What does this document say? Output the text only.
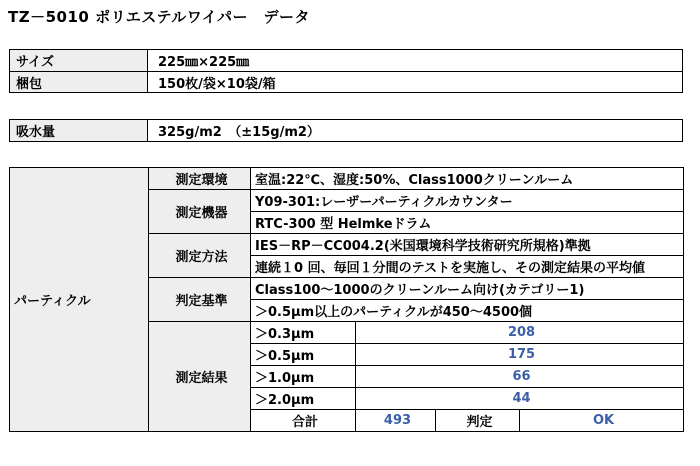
TZ－5010 ポリエステルワイパー　データ
サイズ	225㎜×225㎜
梱包	150枚/袋×10袋/箱
吸水量	325g/m2　（±15g/m2）
パーティクル	測定環境	室温:22℃、湿度:50%、Class1000クリーンルーム			
	測定機器	Y09-301:レーザーパーティクルカウンター			
		RTC-300 型 Helmkeドラム			
	測定方法	IES－RP－CC004.2(米国環境科学技術研究所規格)準拠			
		連続１0 回、毎回１分間のテストを実施し、その測定結果の平均値			
	判定基準	Class100～1000のクリーンルーム向け(カテゴリー1)			
		＞0.5μm以上のパーティクルが450～4500個			
	測定結果	＞0.3μm	208		
		＞0.5μm	175		
		＞1.0μm	66		
		＞2.0μm	44		
		合計	493	判定	OK
